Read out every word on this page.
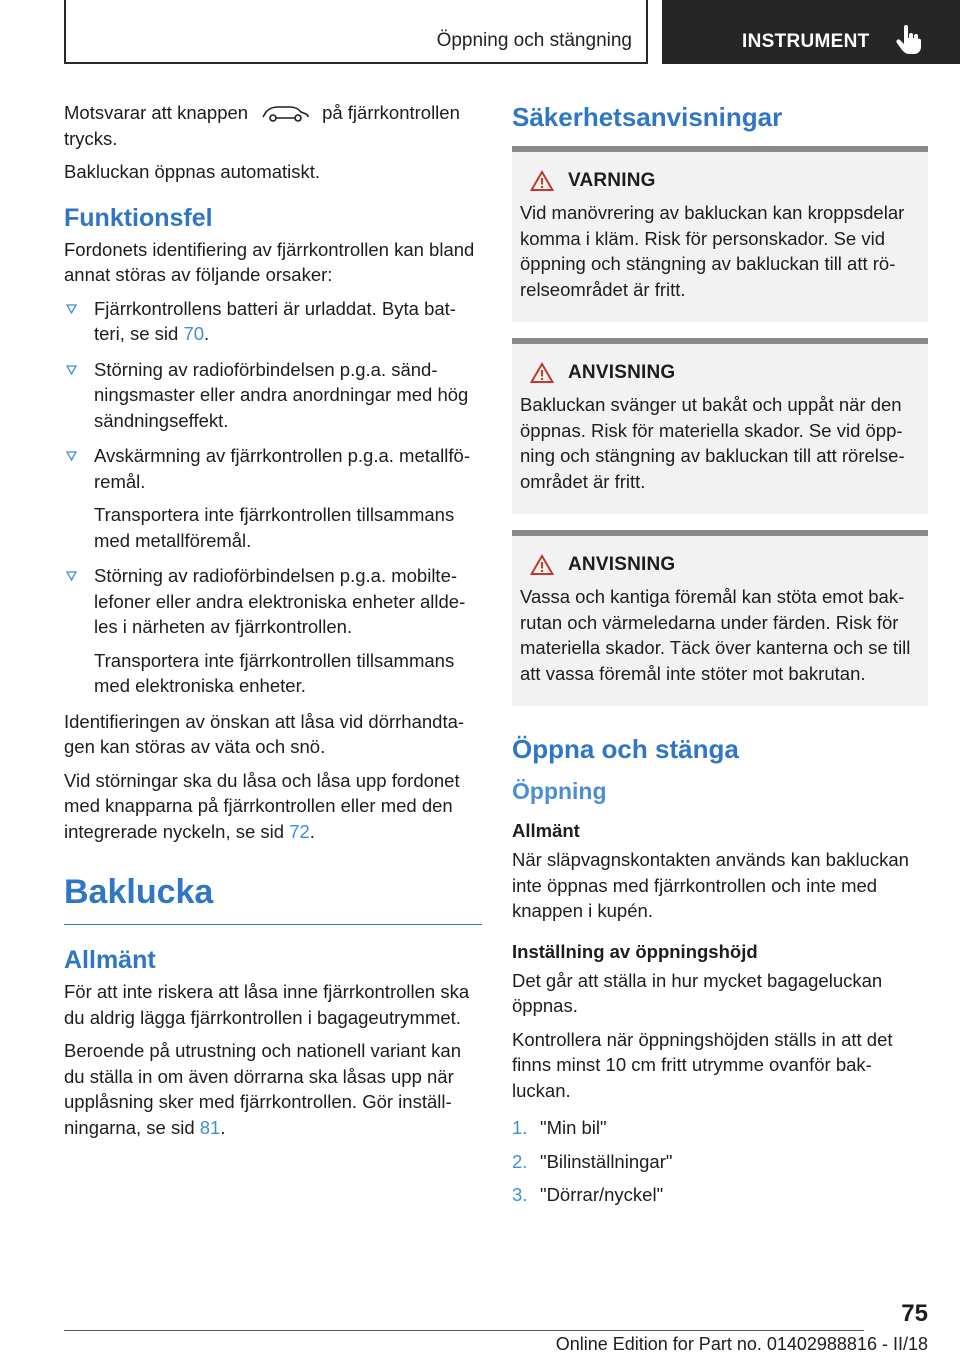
Öppning och stängning	INSTRUMENT

Motsvarar att knappen	på fjärrkontrollen trycks.

Bakluckan öppnas automatiskt.

Funktionsfel

Fordonets identifiering av fjärrkontrollen kan bland annat störas av följande orsaker:

Fjärrkontrollens batteri är urladdat. Byta bat-teri, se sid 70.
Störning av radioförbindelsen p.g.a. sänd-ningsmaster eller andra anordningar med hög sändningseffekt.
Avskärmning av fjärrkontrollen p.g.a. metallfö-remål.
Transportera inte fjärrkontrollen tillsammans med metallföremål.
Störning av radioförbindelsen p.g.a. mobilte-lefoner eller andra elektroniska enheter allde-les i närheten av fjärrkontrollen.
Transportera inte fjärrkontrollen tillsammans med elektroniska enheter.

Identifieringen av önskan att låsa vid dörrhandta-gen kan störas av väta och snö.

Vid störningar ska du låsa och låsa upp fordonet med knapparna på fjärrkontrollen eller med den integrerade nyckeln, se sid 72.

Baklucka
Allmänt

För att inte riskera att låsa inne fjärrkontrollen ska du aldrig lägga fjärrkontrollen i bagageutrymmet.

Beroende på utrustning och nationell variant kan du ställa in om även dörrarna ska låsas upp när upplåsning sker med fjärrkontrollen. Gör inställ-ningarna, se sid 81.

Säkerhetsanvisningar
VARNING

Vid manövrering av bakluckan kan kroppsdelar komma i kläm. Risk för personskador. Se vid öppning och stängning av bakluckan till att rö-relseområdet är fritt.

ANVISNING

Bakluckan svänger ut bakåt och uppåt när den öppnas. Risk för materiella skador. Se vid öpp-ning och stängning av bakluckan till att rörelse-området är fritt.

ANVISNING

Vassa och kantiga föremål kan stöta emot bak-rutan och värmeledarna under färden. Risk för materiella skador. Täck över kanterna och se till att vassa föremål inte stöter mot bakrutan.

Öppna och stänga
Öppning
Allmänt

När släpvagnskontakten används kan bakluckan inte öppnas med fjärrkontrollen och inte med knappen i kupén.

Inställning av öppningshöjd

Det går att ställa in hur mycket bagageluckan öppnas.

Kontrollera när öppningshöjden ställs in att det finns minst 10 cm fritt utrymme ovanför bak-luckan.

1. "Min bil"
2. "Bilinställningar"
3. "Dörrar/nyckel"
75
Online Edition for Part no. 01402988816 - II/18
